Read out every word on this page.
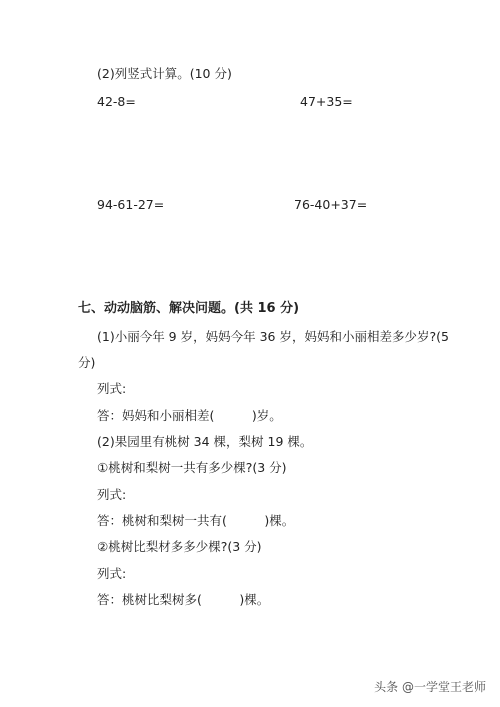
(2)列竖式计算。(10 分)
42-8=	47+35=
94-61-27=	76-40+37=
七、动动脑筋、解决问题。(共 16 分)
(1)小丽今年 9 岁，妈妈今年 36 岁，妈妈和小丽相差多少岁?(5
分)
列式:
答：妈妈和小丽相差(　　　)岁。
(2)果园里有桃树 34 棵，梨树 19 棵。
①桃树和梨树一共有多少棵?(3 分)
列式:
答：桃树和梨树一共有(　　　)棵。
②桃树比梨材多多少棵?(3 分)
列式:
答：桃树比梨树多(　　　)棵。
头条 @一学堂王老师
